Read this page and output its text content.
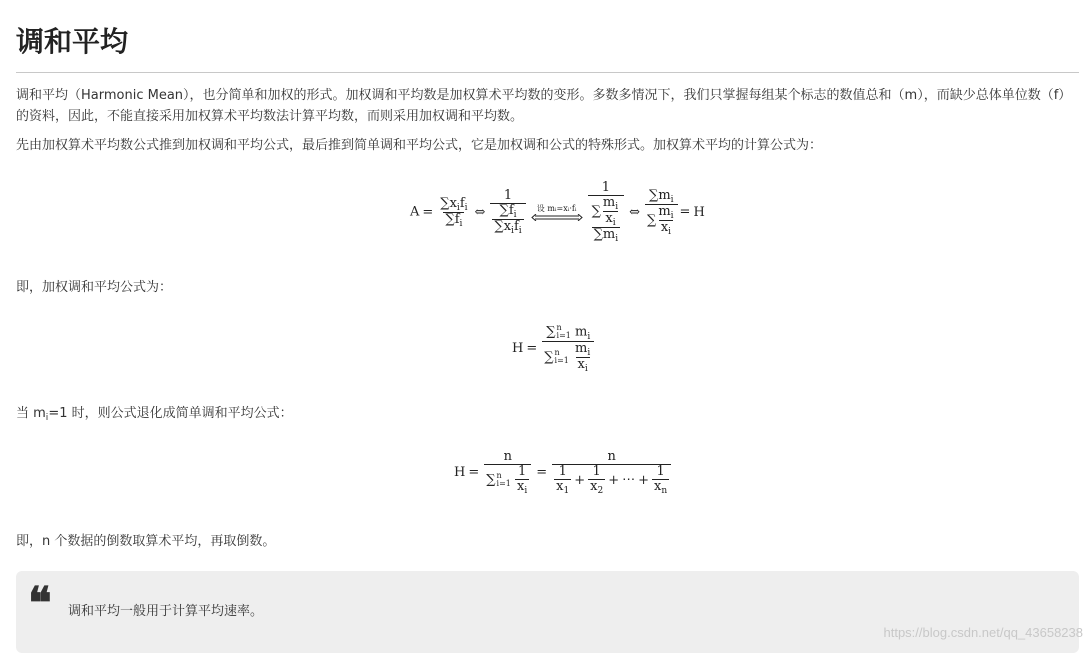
调和平均

调和平均（Harmonic Mean），也分简单和加权的形式。加权调和平均数是加权算术平均数的变形。多数多情况下，我们只掌握每组某个标志的数值总和（m），而缺少总体单位数（f）的资料，因此，不能直接采用加权算术平均数法计算平均数，而则采用加权调和平均数。

先由加权算术平均数公式推到加权调和平均公式，最后推到简单调和平均公式，它是加权调和公式的特殊形式。加权算术平均的计算公式为：

$A = \frac{\sum x_if_i}{\sum f_i}$ ⇔ $\frac{1}{\frac{\sum f_i}{\sum x_if_i}}$ 设 mᵢ=xᵢ·fᵢ $\frac{1}{\frac{\sum \frac{m_i}{x_i}}{\sum m_i}}$ ⇔ $\frac{\sum m_i}{\sum \frac{m_i}{x_i}} = H$

即，加权调和平均公式为：

H = ∑ n
i=1 $m_i$
∑ n
i=1
$\frac{m_i}{x_i}$

当 $m_i=1$ 时，则公式退化成简单调和平均公式：

H = n
∑ n
i=1
$\frac{1}{x_i} = \frac{n}{\frac{1}{x_1} + \frac{1}{x_2} + \cdots + \frac{1}{x_n}}$

即，n 个数据的倒数取算术平均，再取倒数。

❝ 调和平均一般用于计算平均速率。
https://blog.csdn.net/qq_43658238
